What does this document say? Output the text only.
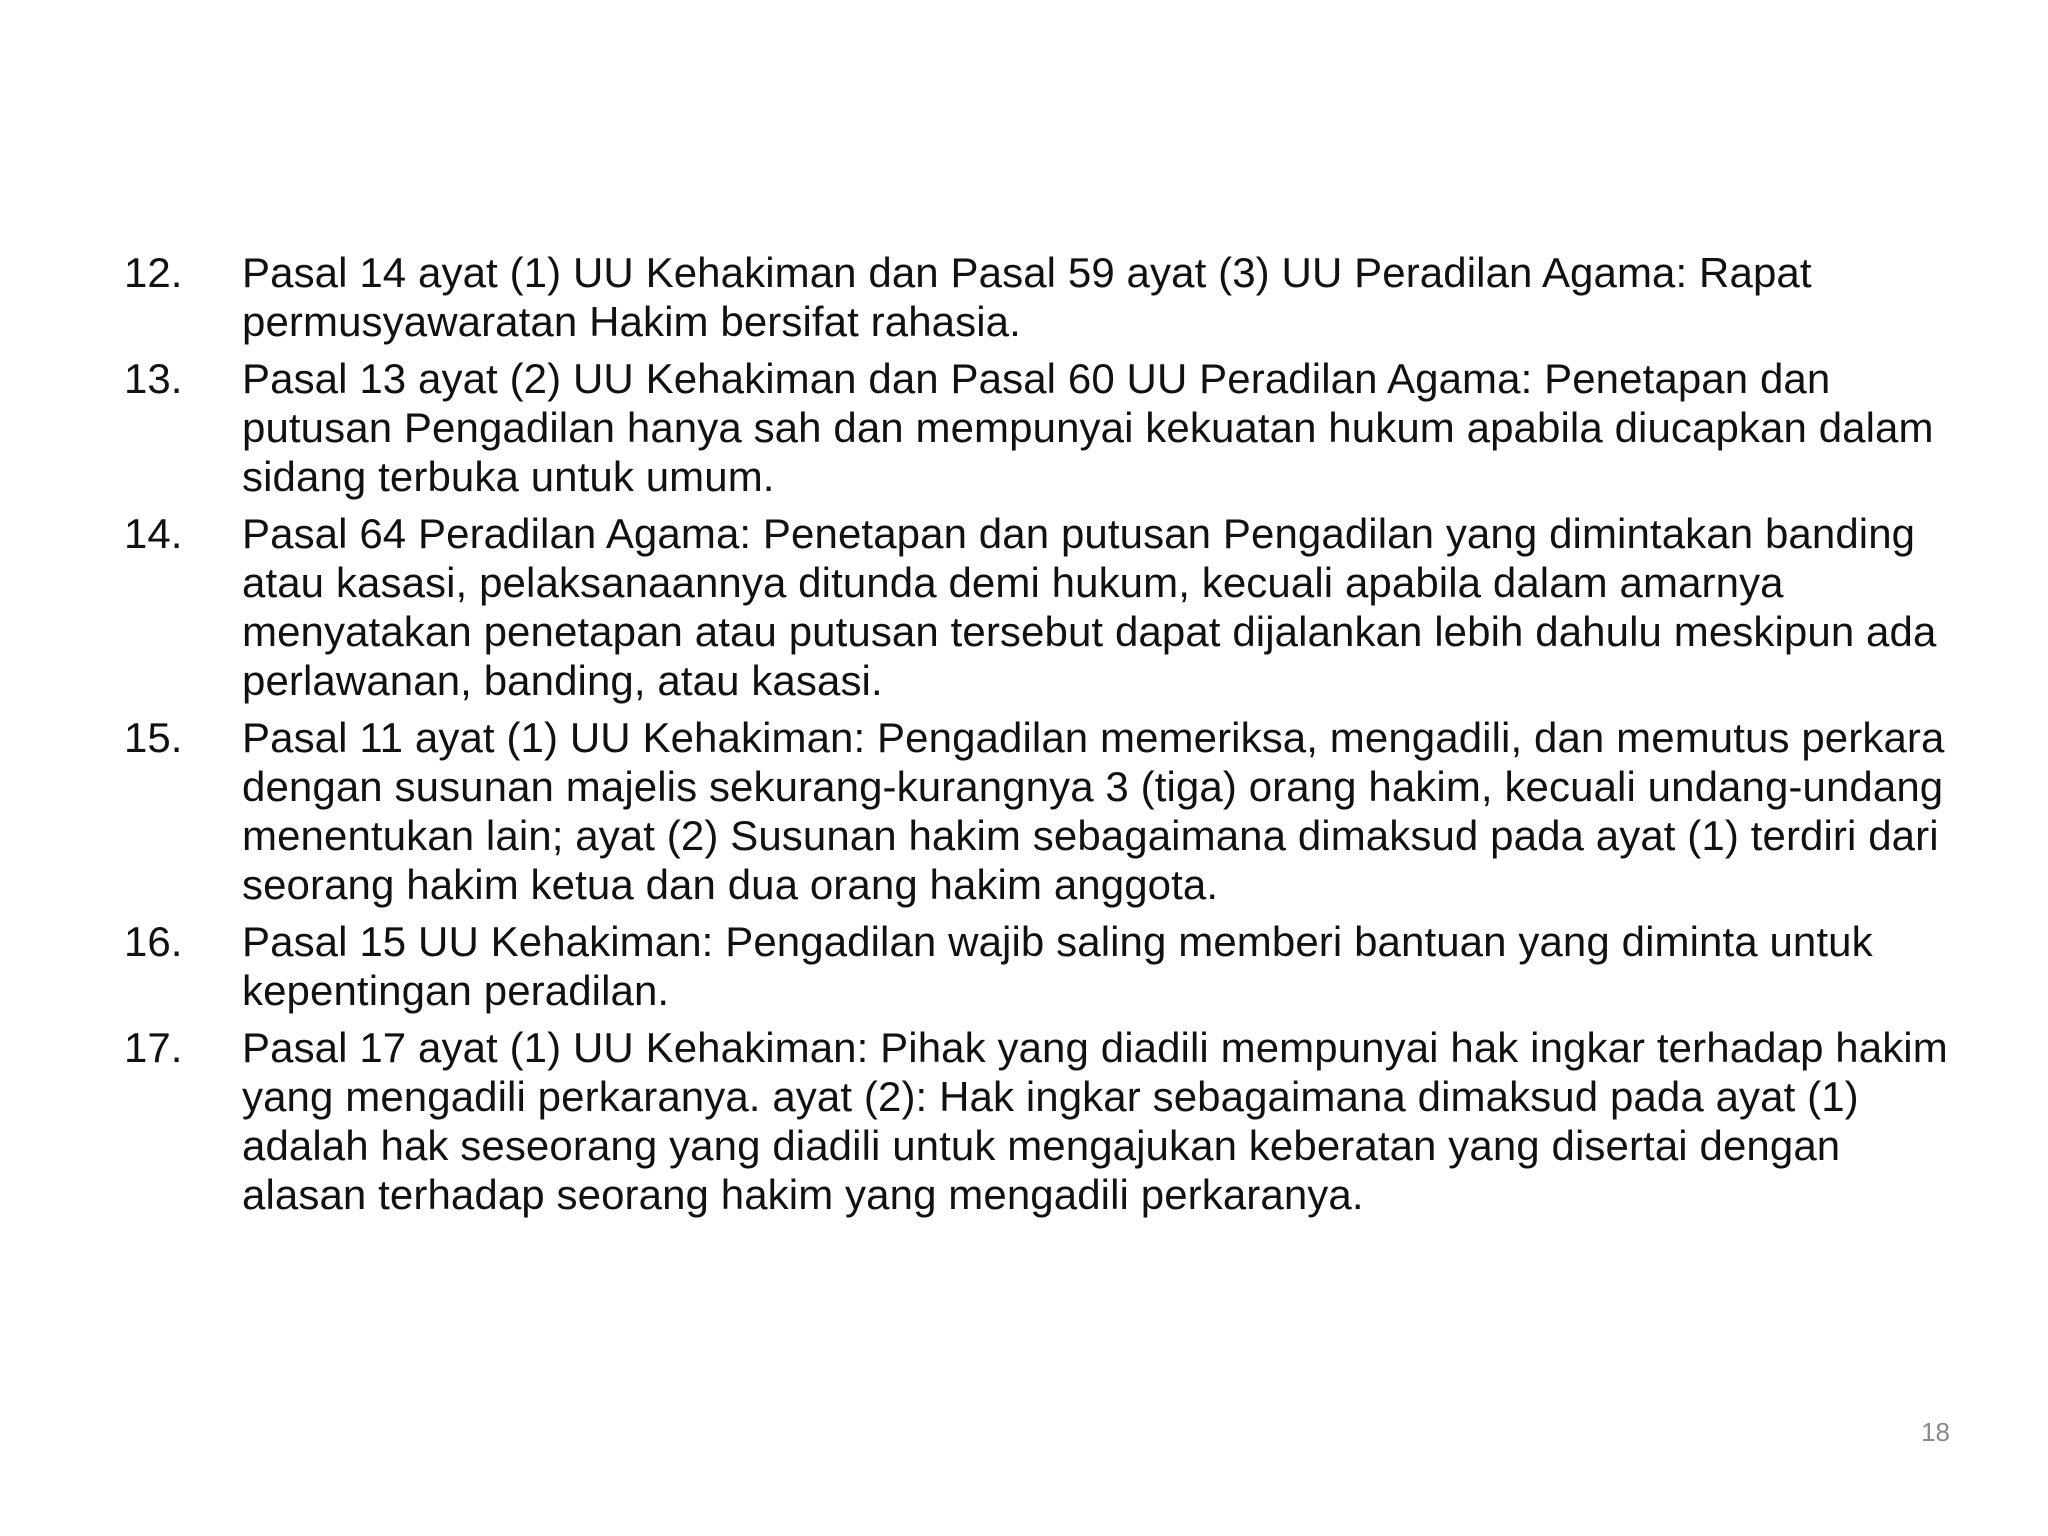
12.	Pasal 14 ayat (1) UU Kehakiman dan Pasal 59 ayat (3) UU Peradilan Agama: Rapat permusyawaratan Hakim bersifat rahasia.
13.	Pasal 13 ayat (2) UU Kehakiman dan Pasal 60 UU Peradilan Agama: Penetapan dan putusan Pengadilan hanya sah dan mempunyai kekuatan hukum apabila diucapkan dalam sidang terbuka untuk umum.
14.	Pasal 64 Peradilan Agama: Penetapan dan putusan Pengadilan yang dimintakan banding atau kasasi, pelaksanaannya ditunda demi hukum, kecuali apabila dalam amarnya menyatakan penetapan atau putusan tersebut dapat dijalankan lebih dahulu meskipun ada perlawanan, banding, atau kasasi.
15.	Pasal 11 ayat (1) UU Kehakiman: Pengadilan memeriksa, mengadili, dan memutus perkara dengan susunan majelis sekurang-kurangnya 3 (tiga) orang hakim, kecuali undang-undang menentukan lain; ayat (2) Susunan hakim sebagaimana dimaksud pada ayat (1) terdiri dari seorang hakim ketua dan dua orang hakim anggota.
16.	Pasal 15 UU Kehakiman: Pengadilan wajib saling memberi bantuan yang diminta untuk kepentingan peradilan.
17.	Pasal 17 ayat (1) UU Kehakiman: Pihak yang diadili mempunyai hak ingkar terhadap hakim yang mengadili perkaranya. ayat (2): Hak ingkar sebagaimana dimaksud pada ayat (1) adalah hak seseorang yang diadili untuk mengajukan keberatan yang disertai dengan alasan terhadap seorang hakim yang mengadili perkaranya.
18
